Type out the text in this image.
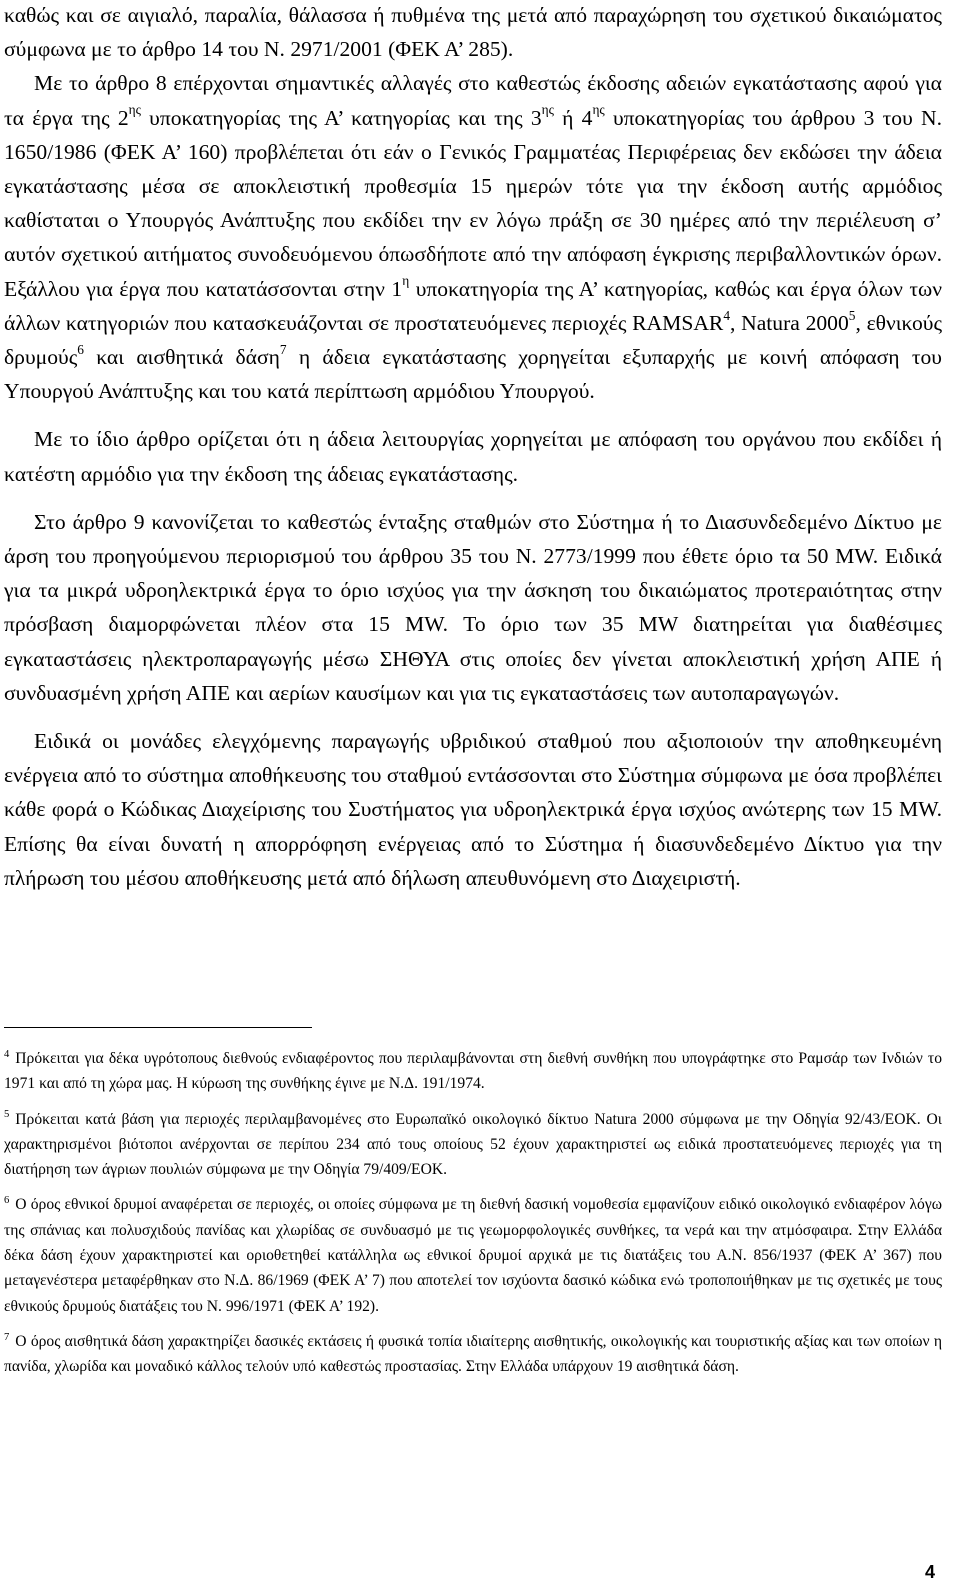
καθώς και σε αιγιαλό, παραλία, θάλασσα ή πυθμένα της μετά από παραχώρηση του σχετικού δικαιώματος σύμφωνα με το άρθρο 14 του Ν. 2971/2001 (ΦΕΚ Α’ 285).

Με το άρθρο 8 επέρχονται σημαντικές αλλαγές στο καθεστώς έκδοσης αδειών εγκατάστασης αφού για τα έργα της $2^{\eta\varsigma}$ υποκατηγορίας της Α’ κατηγορίας και της $3^{\eta\varsigma}$ ή $4^{\eta\varsigma}$ υποκατηγορίας του άρθρου 3 του Ν. 1650/1986 (ΦΕΚ Α’ 160) προβλέπεται ότι εάν ο Γενικός Γραμματέας Περιφέρειας δεν εκδώσει την άδεια εγκατάστασης μέσα σε αποκλειστική προθεσμία 15 ημερών τότε για την έκδοση αυτής αρμόδιος καθίσταται ο Υπουργός Ανάπτυξης που εκδίδει την εν λόγω πράξη σε 30 ημέρες από την περιέλευση σ’ αυτόν σχετικού αιτήματος συνοδευόμενου όπωσδήποτε από την απόφαση έγκρισης περιβαλλοντικών όρων. Εξάλλου για έργα που κατατάσσονται στην $1^\eta$ υποκατηγορία της Α’ κατηγορίας, καθώς και έργα όλων των άλλων κατηγοριών που κατασκευάζονται σε προστατευόμενες περιοχές RAMSAR$^4$, Natura 2000$^5$, εθνικούς δρυμούς$^6$ και αισθητικά δάση$^7$ η άδεια εγκατάστασης χορηγείται εξυπαρχής με κοινή απόφαση του Υπουργού Ανάπτυξης και του κατά περίπτωση αρμόδιου Υπουργού.

Με το ίδιο άρθρο ορίζεται ότι η άδεια λειτουργίας χορηγείται με απόφαση του οργάνου που εκδίδει ή κατέστη αρμόδιο για την έκδοση της άδειας εγκατάστασης.

Στο άρθρο 9 κανονίζεται το καθεστώς ένταξης σταθμών στο Σύστημα ή το Διασυνδεδεμένο Δίκτυο με άρση του προηγούμενου περιορισμού του άρθρου 35 του Ν. 2773/1999 που έθετε όριο τα 50 MW. Ειδικά για τα μικρά υδροηλεκτρικά έργα το όριο ισχύος για την άσκηση του δικαιώματος προτεραιότητας στην πρόσβαση διαμορφώνεται πλέον στα 15 MW. Το όριο των 35 MW διατηρείται για διαθέσιμες εγκαταστάσεις ηλεκτροπαραγωγής μέσω ΣΗΘΥΑ στις οποίες δεν γίνεται αποκλειστική χρήση ΑΠΕ ή συνδυασμένη χρήση ΑΠΕ και αερίων καυσίμων και για τις εγκαταστάσεις των αυτοπαραγωγών.

Ειδικά οι μονάδες ελεγχόμενης παραγωγής υβριδικού σταθμού που αξιοποιούν την αποθηκευμένη ενέργεια από το σύστημα αποθήκευσης του σταθμού εντάσσονται στο Σύστημα σύμφωνα με όσα προβλέπει κάθε φορά ο Κώδικας Διαχείρισης του Συστήματος για υδροηλεκτρικά έργα ισχύος ανώτερης των 15 MW. Επίσης θα είναι δυνατή η απορρόφηση ενέργειας από το Σύστημα ή διασυνδεδεμένο Δίκτυο για την πλήρωση του μέσου αποθήκευσης μετά από δήλωση απευθυνόμενη στο Διαχειριστή.

$^4$ Πρόκειται για δέκα υγρότοπους διεθνούς ενδιαφέροντος που περιλαμβάνονται στη διεθνή συνθήκη που υπογράφτηκε στο Ραμσάρ των Ινδιών το 1971 και από τη χώρα μας. Η κύρωση της συνθήκης έγινε με Ν.Δ. 191/1974.

$^5$ Πρόκειται κατά βάση για περιοχές περιλαμβανομένες στο Ευρωπαϊκό οικολογικό δίκτυο Natura 2000 σύμφωνα με την Οδηγία 92/43/ΕΟΚ. Οι χαρακτηρισμένοι βιότοποι ανέρχονται σε περίπου 234 από τους οποίους 52 έχουν χαρακτηριστεί ως ειδικά προστατευόμενες περιοχές για τη διατήρηση των άγριων πουλιών σύμφωνα με την Οδηγία 79/409/ΕΟΚ.

$^6$ Ο όρος εθνικοί δρυμοί αναφέρεται σε περιοχές, οι οποίες σύμφωνα με τη διεθνή δασική νομοθεσία εμφανίζουν ειδικό οικολογικό ενδιαφέρον λόγω της σπάνιας και πολυσχιδούς πανίδας και χλωρίδας σε συνδυασμό με τις γεωμορφολογικές συνθήκες, τα νερά και την ατμόσφαιρα. Στην Ελλάδα δέκα δάση έχουν χαρακτηριστεί και οριοθετηθεί κατάλληλα ως εθνικοί δρυμοί αρχικά με τις διατάξεις του Α.Ν. 856/1937 (ΦΕΚ Α’ 367) που μεταγενέστερα μεταφέρθηκαν στο Ν.Δ. 86/1969 (ΦΕΚ Α’ 7) που αποτελεί τον ισχύοντα δασικό κώδικα ενώ τροποποιήθηκαν με τις σχετικές με τους εθνικούς δρυμούς διατάξεις του Ν. 996/1971 (ΦΕΚ Α’ 192).

$^7$ Ο όρος αισθητικά δάση χαρακτηρίζει δασικές εκτάσεις ή φυσικά τοπία ιδιαίτερης αισθητικής, οικολογικής και τουριστικής αξίας και των οποίων η πανίδα, χλωρίδα και μοναδικό κάλλος τελούν υπό καθεστώς προστασίας. Στην Ελλάδα υπάρχουν 19 αισθητικά δάση.

4
